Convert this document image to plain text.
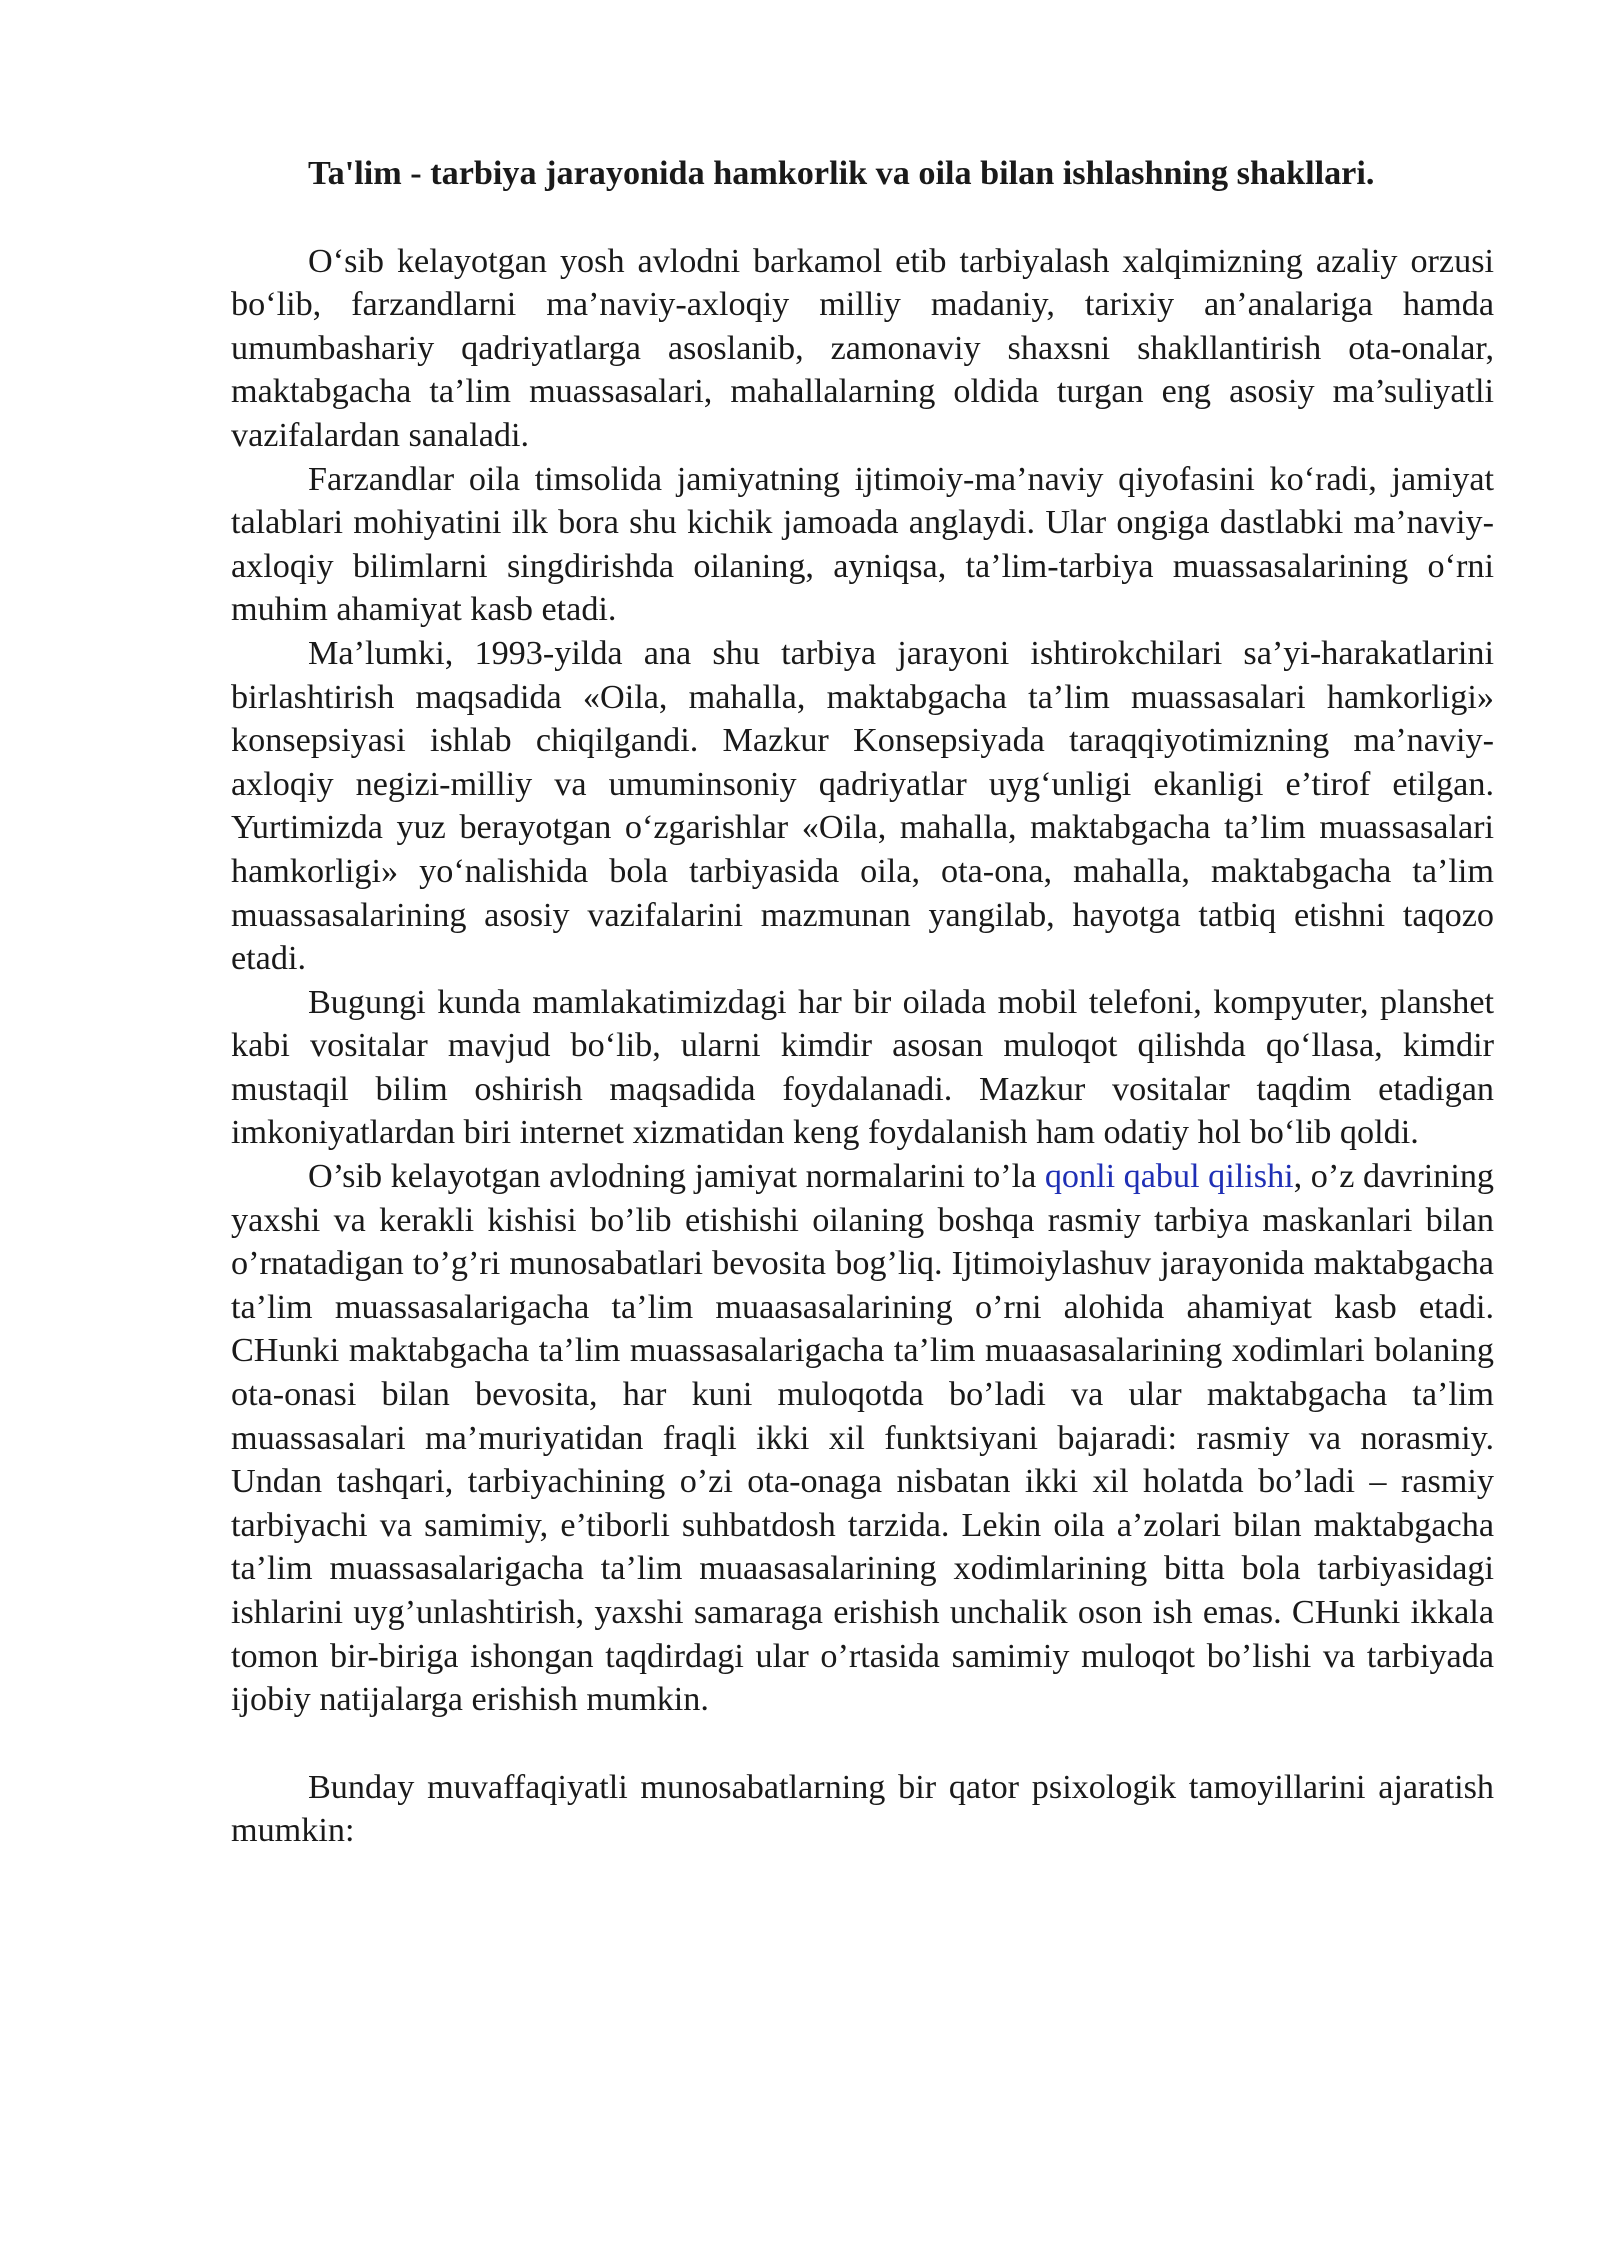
Ta'lim - tarbiya jarayonida hamkorlik va oila bilan ishlashning shakllari.

O‘sib kelayotgan yosh avlodni barkamol etib tarbiyalash xalqimizning azaliy orzusi bo‘lib, farzandlarni ma’naviy-axloqiy milliy madaniy, tarixiy an’analariga hamda umumbashariy qadriyatlarga asoslanib, zamonaviy shaxsni shakllantirish ota-onalar, maktabgacha ta’lim muassasalari, mahallalarning oldida turgan eng asosiy ma’suliyatli vazifalardan sanaladi.

Farzandlar oila timsolida jamiyatning ijtimoiy-ma’naviy qiyofasini ko‘radi, jamiyat talablari mohiyatini ilk bora shu kichik jamoada anglaydi. Ular ongiga dastlabki ma’naviy-axloqiy bilimlarni singdirishda oilaning, ayniqsa, ta’lim-tarbiya muassasalarining o‘rni muhim ahamiyat kasb etadi.

Ma’lumki, 1993-yilda ana shu tarbiya jarayoni ishtirokchilari sa’yi-harakatlarini birlashtirish maqsadida «Oila, mahalla, maktabgacha ta’lim muassasalari hamkorligi» konsepsiyasi ishlab chiqilgandi. Mazkur Konsepsiyada taraqqiyotimizning ma’naviy-axloqiy negizi-milliy va umuminsoniy qadriyatlar uyg‘unligi ekanligi e’tirof etilgan. Yurtimizda yuz berayotgan o‘zgarishlar «Oila, mahalla, maktabgacha ta’lim muassasalari hamkorligi» yo‘nalishida bola tarbiyasida oila, ota-ona, mahalla, maktabgacha ta’lim muassasalarining asosiy vazifalarini mazmunan yangilab, hayotga tatbiq etishni taqozo etadi.

Bugungi kunda mamlakatimizdagi har bir oilada mobil telefoni, kompyuter, planshet kabi vositalar mavjud bo‘lib, ularni kimdir asosan muloqot qilishda qo‘llasa, kimdir mustaqil bilim oshirish maqsadida foydalanadi. Mazkur vositalar taqdim etadigan imkoniyatlardan biri internet xizmatidan keng foydalanish ham odatiy hol bo‘lib qoldi.

O’sib kelayotgan avlodning jamiyat normalarini to’la qonli qabul qilishi, o’z davrining yaxshi va kerakli kishisi bo’lib etishishi oilaning boshqa rasmiy tarbiya maskanlari bilan o’rnatadigan to’g’ri munosabatlari bevosita bog’liq. Ijtimoiylashuv jarayonida maktabgacha ta’lim muassasalarigacha ta’lim muaasasalarining o’rni alohida ahamiyat kasb etadi. CHunki maktabgacha ta’lim muassasalarigacha ta’lim muaasasalarining xodimlari bolaning ota-onasi bilan bevosita, har kuni muloqotda bo’ladi va ular maktabgacha ta’lim muassasalari ma’muriyatidan fraqli ikki xil funktsiyani bajaradi: rasmiy va norasmiy. Undan tashqari, tarbiyachining o’zi ota-onaga nisbatan ikki xil holatda bo’ladi – rasmiy tarbiyachi va samimiy, e’tiborli suhbatdosh tarzida. Lekin oila a’zolari bilan maktabgacha ta’lim muassasalarigacha ta’lim muaasasalarining xodimlarining bitta bola tarbiyasidagi ishlarini uyg’unlashtirish, yaxshi samaraga erishish unchalik oson ish emas. CHunki ikkala tomon bir-biriga ishongan taqdirdagi ular o’rtasida samimiy muloqot bo’lishi va tarbiyada ijobiy natijalarga erishish mumkin.

Bunday muvaffaqiyatli munosabatlarning bir qator psixologik tamoyillarini ajaratish mumkin:
